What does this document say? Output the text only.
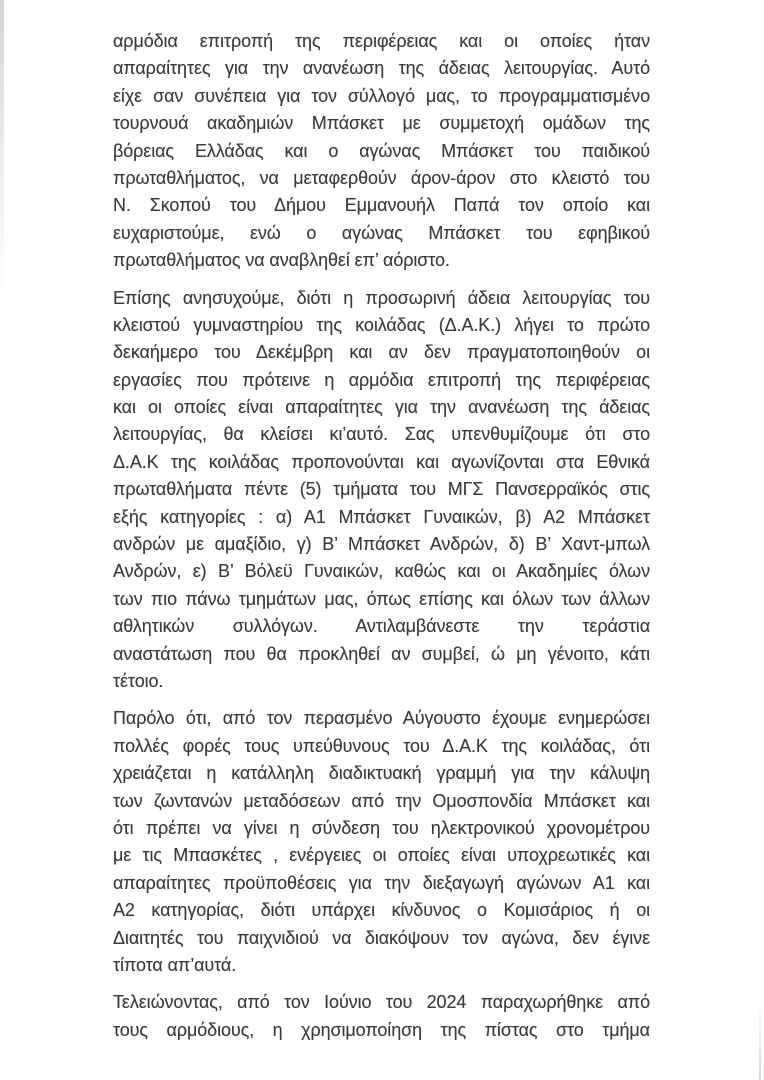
αρμόδια επιτροπή της περιφέρειας και οι οποίες ήταν
απαραίτητες για την ανανέωση της άδειας λειτουργίας. Αυτό
είχε σαν συνέπεια για τον σύλλογό μας, το προγραμματισμένο
τουρνουά ακαδημιών Μπάσκετ με συμμετοχή ομάδων της
βόρειας Ελλάδας και ο αγώνας Μπάσκετ του παιδικού
πρωταθλήματος, να μεταφερθούν άρον-άρον στο κλειστό του
Ν. Σκοπού του Δήμου Εμμανουήλ Παπά τον οποίο και
ευχαριστούμε, ενώ ο αγώνας Μπάσκετ του εφηβικού
πρωταθλήματος να αναβληθεί επ’ αόριστο.

Επίσης ανησυχούμε, διότι η προσωρινή άδεια λειτουργίας του
κλειστού γυμναστηρίου της κοιλάδας (Δ.Α.Κ.) λήγει το πρώτο
δεκαήμερο του Δεκέμβρη και αν δεν πραγματοποιηθούν οι
εργασίες που πρότεινε η αρμόδια επιτροπή της περιφέρειας
και οι οποίες είναι απαραίτητες για την ανανέωση της άδειας
λειτουργίας, θα κλείσει κι’αυτό. Σας υπενθυμίζουμε ότι στο
Δ.Α.Κ της κοιλάδας προπονούνται και αγωνίζονται στα Εθνικά
πρωταθλήματα πέντε (5) τμήματα του ΜΓΣ Πανσερραϊκός στις
εξής κατηγορίες : α) Α1 Μπάσκετ Γυναικών, β) Α2 Μπάσκετ
ανδρών με αμαξίδιο, γ) Β’ Μπάσκετ Ανδρών, δ) Β’ Χαντ-μπωλ
Ανδρών, ε) Β’ Βόλεϋ Γυναικών, καθώς και οι Ακαδημίες όλων
των πιο πάνω τμημάτων μας, όπως επίσης και όλων των άλλων
αθλητικών συλλόγων. Αντιλαμβάνεστε την τεράστια
αναστάτωση που θα προκληθεί αν συμβεί, ώ μη γένοιτο, κάτι
τέτοιο.

Παρόλο ότι, από τον περασμένο Αύγουστο έχουμε ενημερώσει
πολλές φορές τους υπεύθυνους του Δ.Α.Κ της κοιλάδας, ότι
χρειάζεται η κατάλληλη διαδικτυακή γραμμή για την κάλυψη
των ζωντανών μεταδόσεων από την Ομοσπονδία Μπάσκετ και
ότι πρέπει να γίνει η σύνδεση του ηλεκτρονικού χρονομέτρου
με τις Μπασκέτες , ενέργειες οι οποίες είναι υποχρεωτικές και
απαραίτητες προϋποθέσεις για την διεξαγωγή αγώνων Α1 και
Α2 κατηγορίας, διότι υπάρχει κίνδυνος ο Κομισάριος ή οι
Διαιτητές του παιχνιδιού να διακόψουν τον αγώνα, δεν έγινε
τίποτα απ’αυτά.

Τελειώνοντας, από τον Ιούνιο του 2024 παραχωρήθηκε από
τους αρμόδιους, η χρησιμοποίηση της πίστας στο τμήμα
